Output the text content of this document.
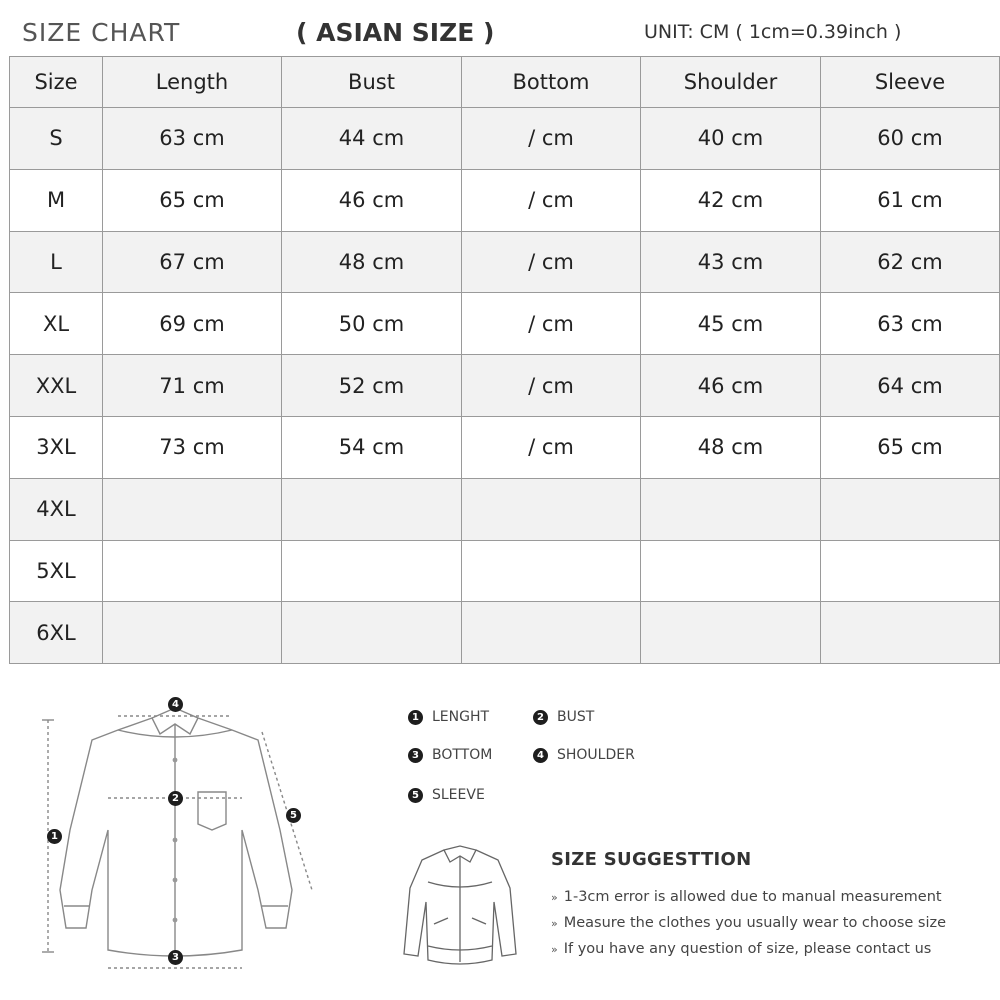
SIZE CHART	( ASIAN SIZE )	UNIT: CM ( 1cm=0.39inch )
Size	Length	Bust	Bottom	Shoulder	Sleeve
S	63 cm	44 cm	/ cm	40 cm	60 cm
M	65 cm	46 cm	/ cm	42 cm	61 cm
L	67 cm	48 cm	/ cm	43 cm	62 cm
XL	69 cm	50 cm	/ cm	45 cm	63 cm
XXL	71 cm	52 cm	/ cm	46 cm	64 cm
3XL	73 cm	54 cm	/ cm	48 cm	65 cm
4XL					
5XL					
6XL					
4
2
5
1
3
1 LENGHT	2 BUST
3 BOTTOM	4 SHOULDER
5 SLEEVE
SIZE SUGGESTTION
» 1-3cm error is allowed due to manual measurement
» Measure the clothes you usually wear to choose size
» If you have any question of size, please contact us
